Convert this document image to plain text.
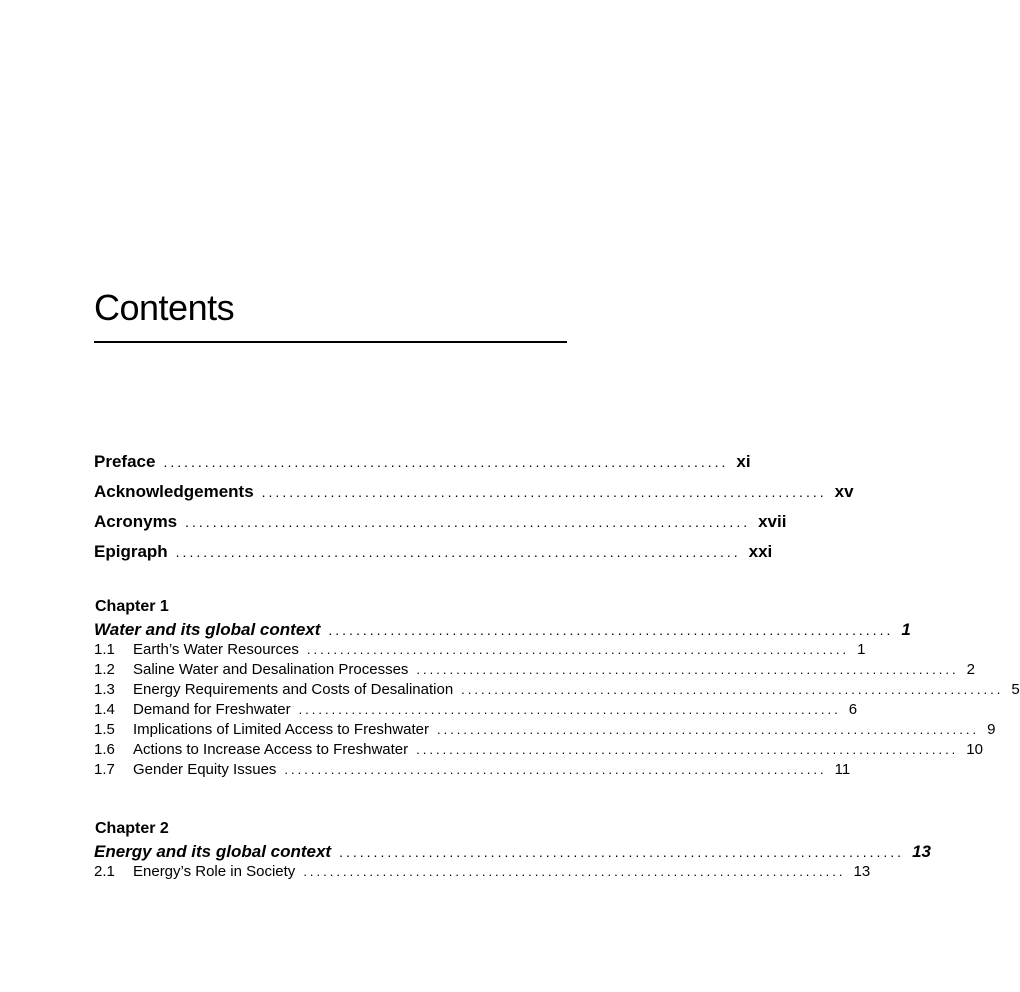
Contents
Preface .................................................................................. xi
Acknowledgements .................................................................................. xv
Acronyms .................................................................................. xvii
Epigraph .................................................................................. xxi
Chapter 1
Water and its global context .................................................................................. 1
1.1	Earth’s Water Resources .................................................................................. 1
1.2	Saline Water and Desalination Processes .................................................................................. 2
1.3	Energy Requirements and Costs of Desalination .................................................................................. 5
1.4	Demand for Freshwater .................................................................................. 6
1.5	Implications of Limited Access to Freshwater .................................................................................. 9
1.6	Actions to Increase Access to Freshwater .................................................................................. 10
1.7	Gender Equity Issues .................................................................................. 11
Chapter 2
Energy and its global context .................................................................................. 13
2.1	Energy’s Role in Society .................................................................................. 13
